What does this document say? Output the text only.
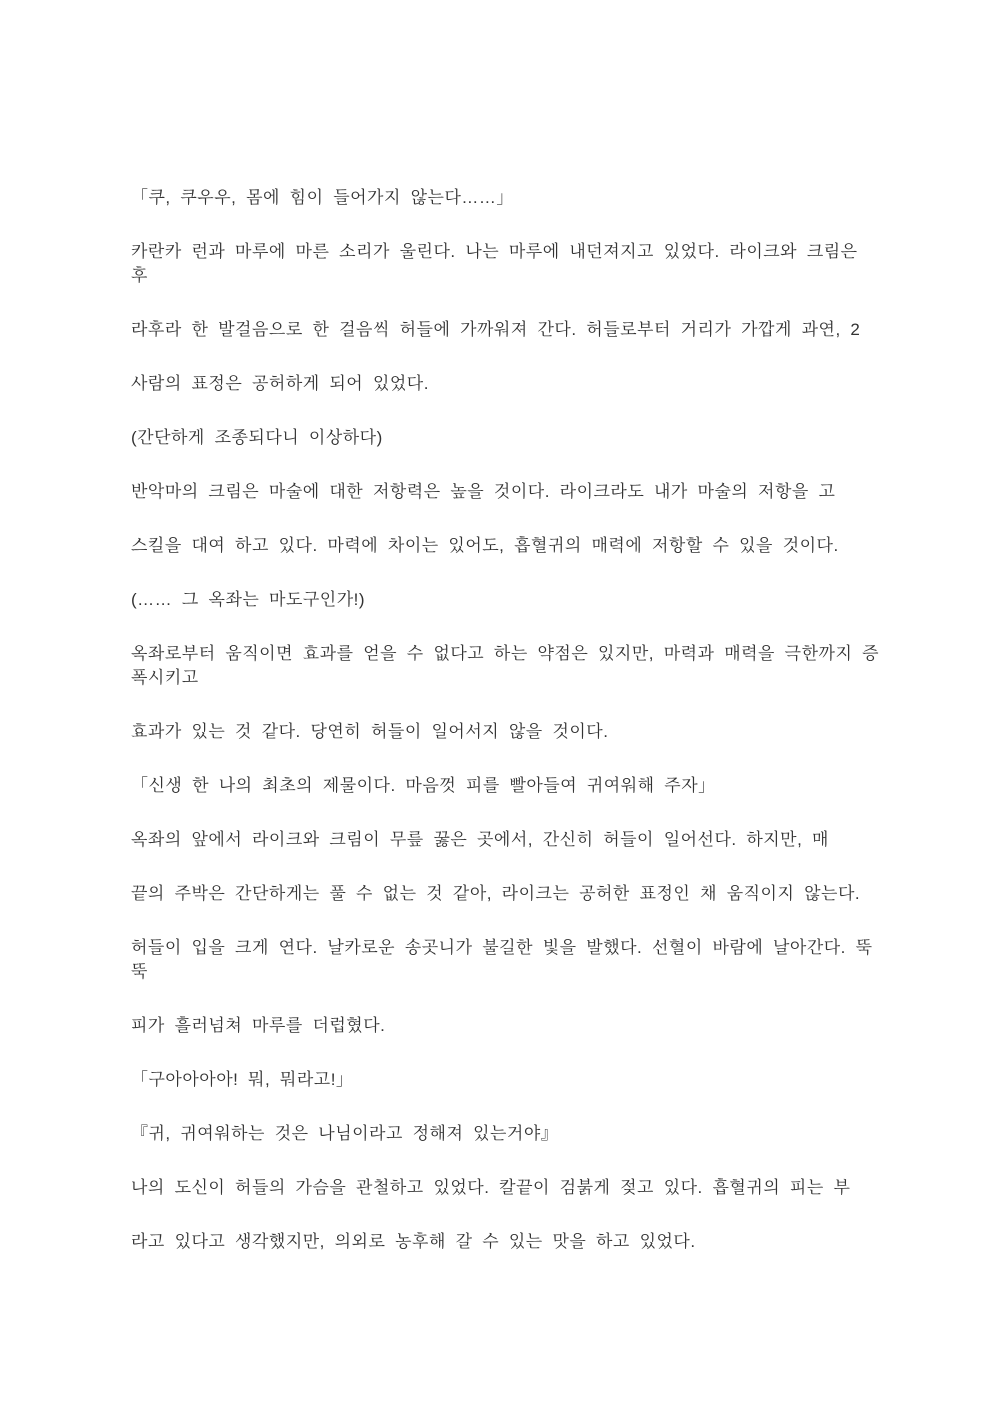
「쿠, 쿠우우, 몸에 힘이 들어가지 않는다……」

카란카 런과 마루에 마른 소리가 울린다. 나는 마루에 내던져지고 있었다. 라이크와 크림은
후

라후라 한 발걸음으로 한 걸음씩 허들에 가까워져 간다. 허들로부터 거리가 가깝게 과연, 2

사람의 표정은 공허하게 되어 있었다.

(간단하게 조종되다니 이상하다)

반악마의 크림은 마술에 대한 저항력은 높을 것이다. 라이크라도 내가 마술의 저항을 고

스킬을 대여 하고 있다. 마력에 차이는 있어도, 흡혈귀의 매력에 저항할 수 있을 것이다.

(…… 그 옥좌는 마도구인가!)

옥좌로부터 움직이면 효과를 얻을 수 없다고 하는 약점은 있지만, 마력과 매력을 극한까지 증
폭시키고

효과가 있는 것 같다. 당연히 허들이 일어서지 않을 것이다.

「신생 한 나의 최초의 제물이다. 마음껏 피를 빨아들여 귀여워해 주자」

옥좌의 앞에서 라이크와 크림이 무릎 꿇은 곳에서, 간신히 허들이 일어선다. 하지만, 매

끝의 주박은 간단하게는 풀 수 없는 것 같아, 라이크는 공허한 표정인 채 움직이지 않는다.

허들이 입을 크게 연다. 날카로운 송곳니가 불길한 빛을 발했다. 선혈이 바람에 날아간다. 뚝
뚝

피가 흘러넘쳐 마루를 더럽혔다.

「구아아아아! 뭐, 뭐라고!」

『귀, 귀여워하는 것은 나님이라고 정해져 있는거야』

나의 도신이 허들의 가슴을 관철하고 있었다. 칼끝이 검붉게 젖고 있다. 흡혈귀의 피는 부

라고 있다고 생각했지만, 의외로 농후해 갈 수 있는 맛을 하고 있었다.
